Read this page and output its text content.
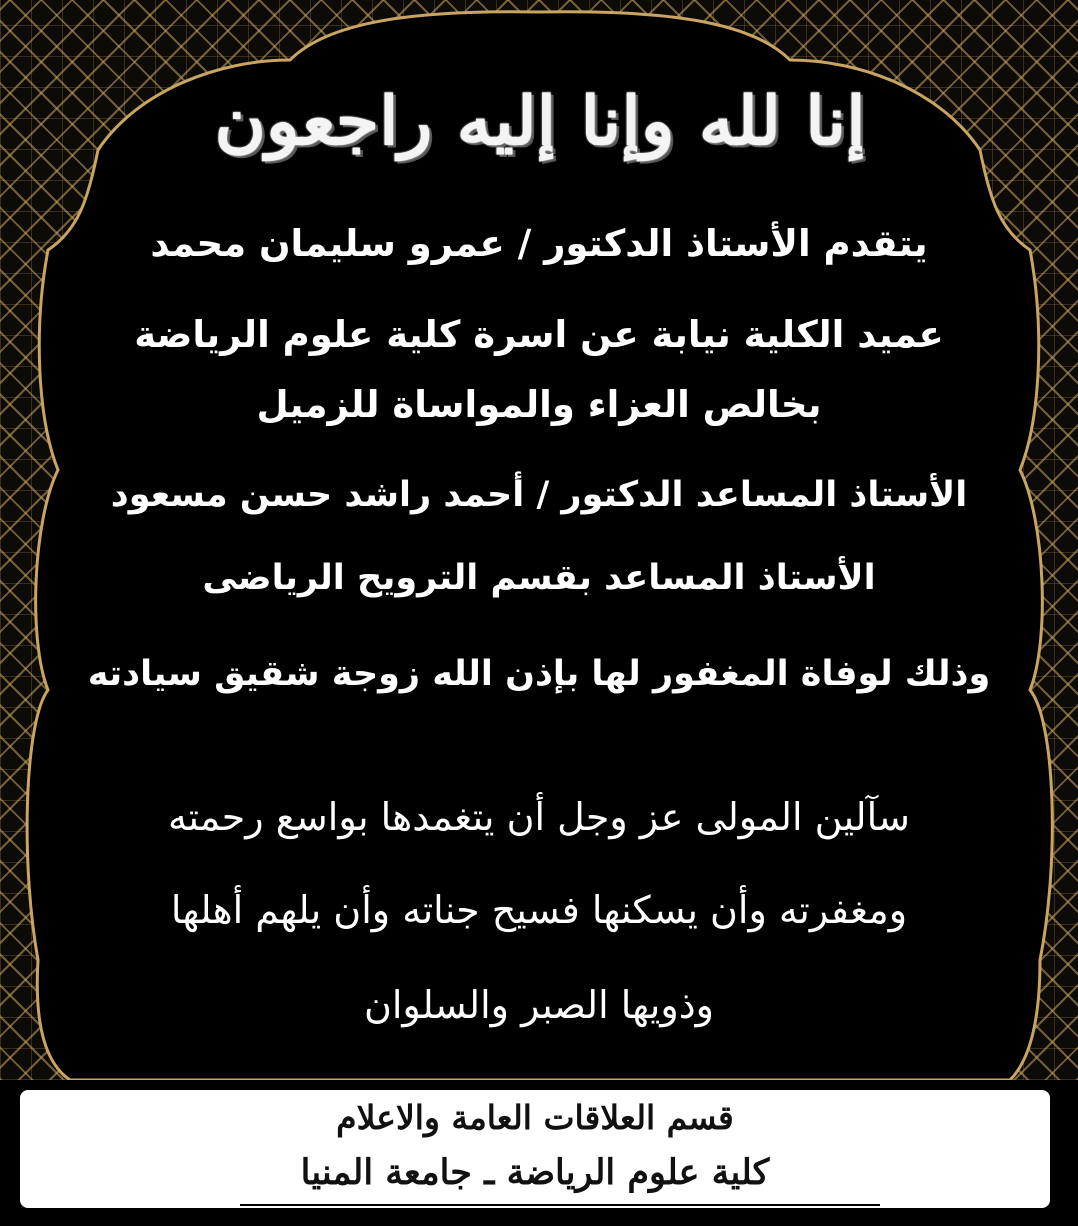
إنا لله وإنا إليه راجعون
يتقدم الأستاذ الدكتور / عمرو سليمان محمد
عميد الكلية نيابة عن اسرة كلية علوم الرياضة
بخالص العزاء والمواساة للزميل
الأستاذ المساعد الدكتور / أحمد راشد حسن مسعود
الأستاذ المساعد بقسم الترويح الرياضى
وذلك لوفاة المغفور لها بإذن الله زوجة شقيق سيادته
سآلين المولى عز وجل أن يتغمدها بواسع رحمته
ومغفرته وأن يسكنها فسيح جناته وأن يلهم أهلها
وذويها الصبر والسلوان
قسم العلاقات العامة والاعلام
كلية علوم الرياضة ـ جامعة المنيا
